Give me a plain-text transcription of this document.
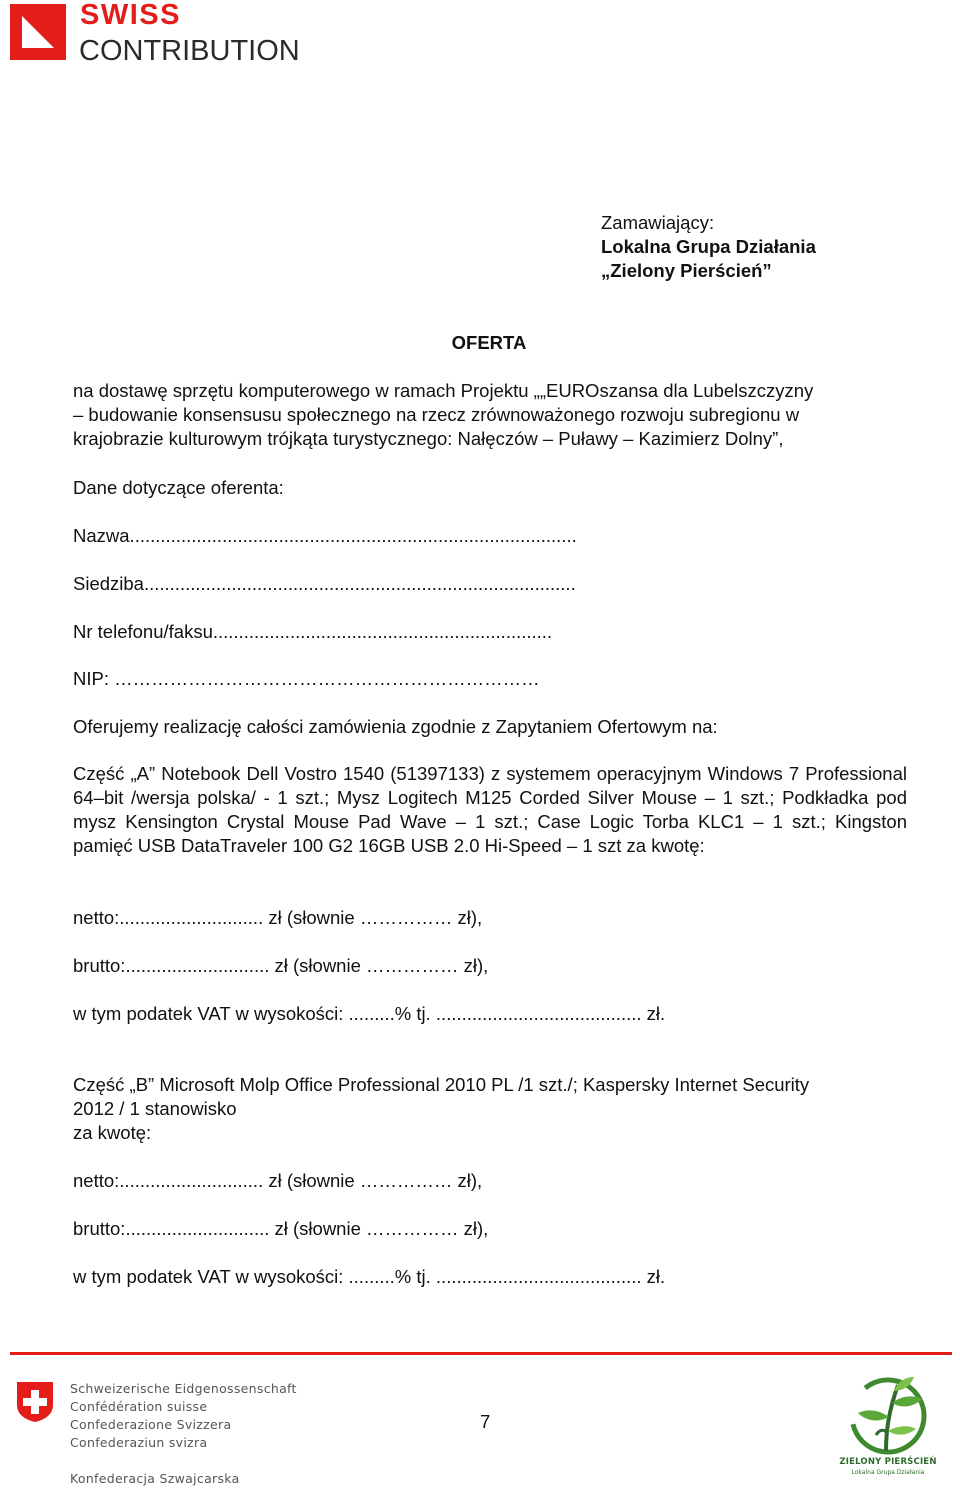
SWISS
CONTRIBUTION
Zamawiający:
Lokalna Grupa Działania
„Zielony Pierścień”
OFERTA
na dostawę sprzętu komputerowego w ramach Projektu „„EUROszansa dla Lubelszczyzny
– budowanie konsensusu społecznego na rzecz zrównoważonego rozwoju subregionu w
krajobrazie kulturowym trójkąta turystycznego: Nałęczów – Puławy – Kazimierz Dolny”,
Dane dotyczące oferenta:
Nazwa.......................................................................................
Siedziba....................................................................................
Nr telefonu/faksu..................................................................
NIP: ……………………………………………………………
Oferujemy realizację całości zamówienia zgodnie z Zapytaniem Ofertowym na:
Część „A” Notebook Dell Vostro 1540 (51397133) z systemem operacyjnym Windows 7 Professional 64–bit /wersja polska/ - 1 szt.; Mysz Logitech M125 Corded Silver Mouse – 1 szt.; Podkładka pod mysz Kensington Crystal Mouse Pad Wave – 1 szt.; Case Logic Torba KLC1 – 1 szt.; Kingston pamięć USB DataTraveler 100 G2 16GB USB 2.0 Hi-Speed – 1 szt za kwotę:
netto:............................ zł (słownie …………… zł),
brutto:............................ zł (słownie …………… zł),
w tym podatek VAT w wysokości: .........% tj. ........................................ zł.
Część „B” Microsoft Molp Office Professional 2010 PL /1 szt./; Kaspersky Internet Security
2012 / 1 stanowisko
za kwotę:
netto:............................ zł (słownie …………… zł),
brutto:............................ zł (słownie …………… zł),
w tym podatek VAT w wysokości: .........% tj. ........................................ zł.
Schweizerische Eidgenossenschaft
Confédération suisse
Confederazione Svizzera
Confederaziun svizra
Konfederacja Szwajcarska
7
ZIELONY PIERŚCIEŃ
Lokalna Grupa Działania
